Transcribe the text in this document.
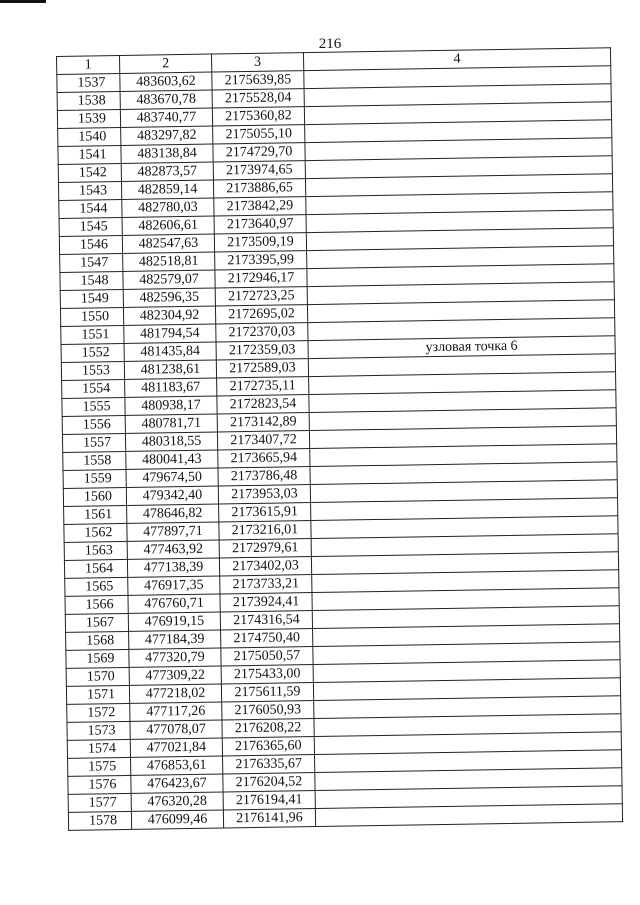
216
1	2	3	4
1537	483603,62	2175639,85	
1538	483670,78	2175528,04	
1539	483740,77	2175360,82	
1540	483297,82	2175055,10	
1541	483138,84	2174729,70	
1542	482873,57	2173974,65	
1543	482859,14	2173886,65	
1544	482780,03	2173842,29	
1545	482606,61	2173640,97	
1546	482547,63	2173509,19	
1547	482518,81	2173395,99	
1548	482579,07	2172946,17	
1549	482596,35	2172723,25	
1550	482304,92	2172695,02	
1551	481794,54	2172370,03	
1552	481435,84	2172359,03	узловая точка 6
1553	481238,61	2172589,03	
1554	481183,67	2172735,11	
1555	480938,17	2172823,54	
1556	480781,71	2173142,89	
1557	480318,55	2173407,72	
1558	480041,43	2173665,94	
1559	479674,50	2173786,48	
1560	479342,40	2173953,03	
1561	478646,82	2173615,91	
1562	477897,71	2173216,01	
1563	477463,92	2172979,61	
1564	477138,39	2173402,03	
1565	476917,35	2173733,21	
1566	476760,71	2173924,41	
1567	476919,15	2174316,54	
1568	477184,39	2174750,40	
1569	477320,79	2175050,57	
1570	477309,22	2175433,00	
1571	477218,02	2175611,59	
1572	477117,26	2176050,93	
1573	477078,07	2176208,22	
1574	477021,84	2176365,60	
1575	476853,61	2176335,67	
1576	476423,67	2176204,52	
1577	476320,28	2176194,41	
1578	476099,46	2176141,96	
